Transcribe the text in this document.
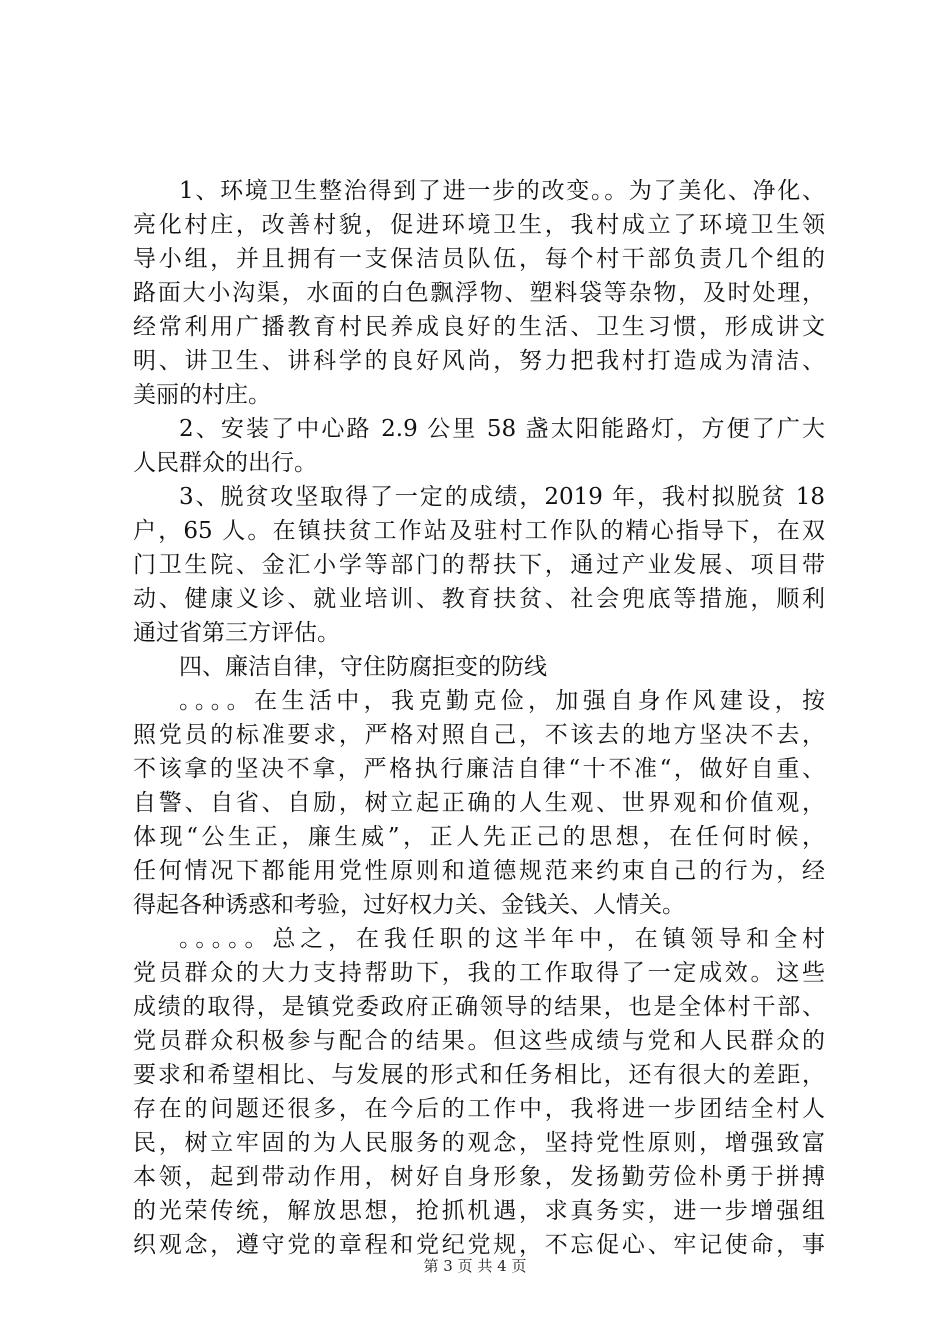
1、环境卫生整治得到了进一步的改变。。为了美化、净化、
亮化村庄，改善村貌，促进环境卫生，我村成立了环境卫生领
导小组，并且拥有一支保洁员队伍，每个村干部负责几个组的
路面大小沟渠，水面的白色飘浮物、塑料袋等杂物，及时处理，
经常利用广播教育村民养成良好的生活、卫生习惯，形成讲文
明、讲卫生、讲科学的良好风尚，努力把我村打造成为清洁、
美丽的村庄。
2、安装了中心路 2.9 公里 58 盏太阳能路灯，方便了广大
人民群众的出行。
3、脱贫攻坚取得了一定的成绩，2019 年，我村拟脱贫 18
户，65 人。在镇扶贫工作站及驻村工作队的精心指导下，在双
门卫生院、金汇小学等部门的帮扶下，通过产业发展、项目带
动、健康义诊、就业培训、教育扶贫、社会兜底等措施，顺利
通过省第三方评估。
四、廉洁自律，守住防腐拒变的防线
。。。。在生活中，我克勤克俭，加强自身作风建设，按
照党员的标准要求，严格对照自己，不该去的地方坚决不去，
不该拿的坚决不拿，严格执行廉洁自律“十不准“，做好自重、
自警、自省、自励，树立起正确的人生观、世界观和价值观，
体现“公生正，廉生威”，正人先正己的思想，在任何时候，
任何情况下都能用党性原则和道德规范来约束自己的行为，经
得起各种诱惑和考验，过好权力关、金钱关、人情关。
。。。。。总之，在我任职的这半年中，在镇领导和全村
党员群众的大力支持帮助下，我的工作取得了一定成效。这些
成绩的取得，是镇党委政府正确领导的结果，也是全体村干部、
党员群众积极参与配合的结果。但这些成绩与党和人民群众的
要求和希望相比、与发展的形式和任务相比，还有很大的差距，
存在的问题还很多，在今后的工作中，我将进一步团结全村人
民，树立牢固的为人民服务的观念，坚持党性原则，增强致富
本领，起到带动作用，树好自身形象，发扬勤劳俭朴勇于拼搏
的光荣传统，解放思想，抢抓机遇，求真务实，进一步增强组
织观念，遵守党的章程和党纪党规，不忘促心、牢记使命，事
第 3 页 共 4 页
